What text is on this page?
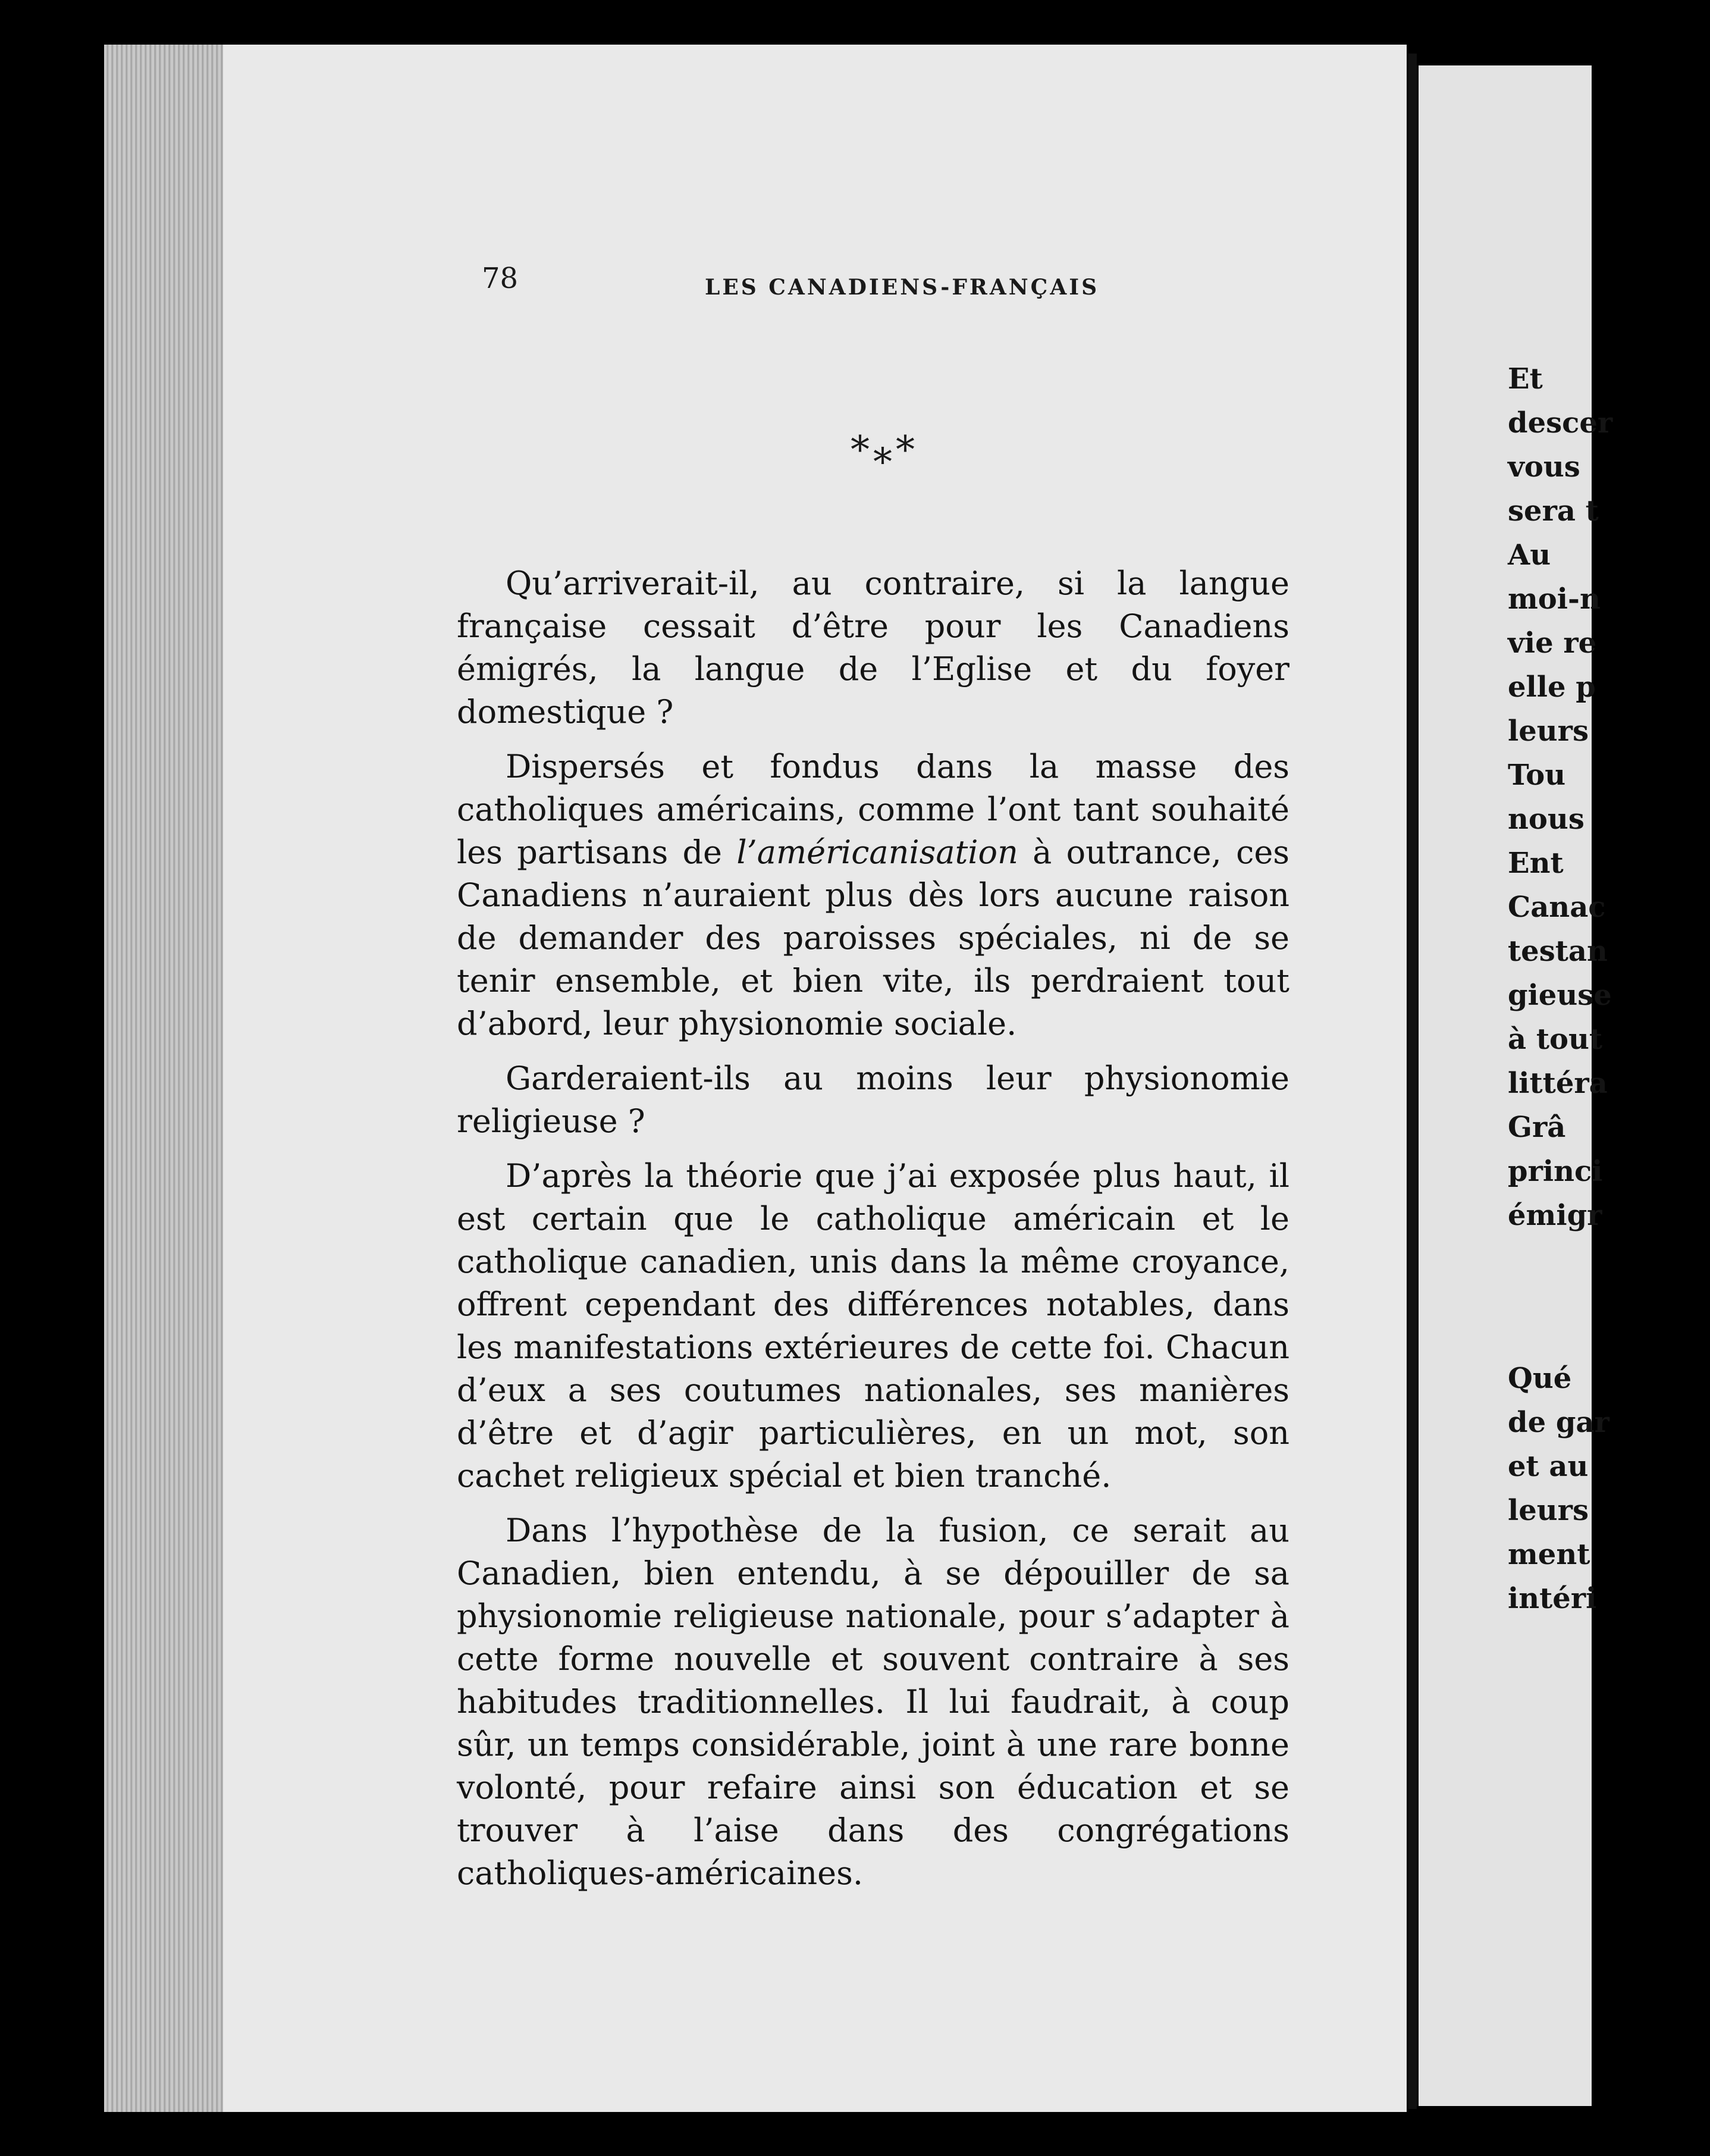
78	LES CANADIENS-FRANÇAIS
*⁎*

Qu’arriverait-il, au contraire, si la langue française cessait d’être pour les Canadiens émigrés, la langue de l’Eglise et du foyer domestique ?

Dispersés et fondus dans la masse des catholiques américains, comme l’ont tant souhaité les partisans de l’américanisation à outrance, ces Canadiens n’auraient plus dès lors aucune raison de demander des paroisses spéciales, ni de se tenir ensemble, et bien vite, ils perdraient tout d’abord, leur physionomie sociale.

Garderaient-ils au moins leur physionomie religieuse ?

D’après la théorie que j’ai exposée plus haut, il est certain que le catholique américain et le catholique canadien, unis dans la même croyance, offrent cependant des différences notables, dans les manifestations extérieures de cette foi. Chacun d’eux a ses coutumes nationales, ses manières d’être et d’agir particulières, en un mot, son cachet religieux spécial et bien tranché.

Dans l’hypothèse de la fusion, ce serait au Canadien, bien entendu, à se dépouiller de sa physionomie religieuse nationale, pour s’adapter à cette forme nouvelle et souvent contraire à ses habitudes traditionnelles. Il lui faudrait, à coup sûr, un temps considérable, joint à une rare bonne volonté, pour refaire ainsi son éducation et se trouver à l’aise dans des congrégations catholiques-américaines.

Et
descer
vous
sera t
Au
moi-n
vie re
elle p
leurs
Tou
nous
Ent
Canac
testan
gieuse
à tout
littéra
Grâ
princi
émigr
Qué
de gar
et au
leurs
ment
intéri
